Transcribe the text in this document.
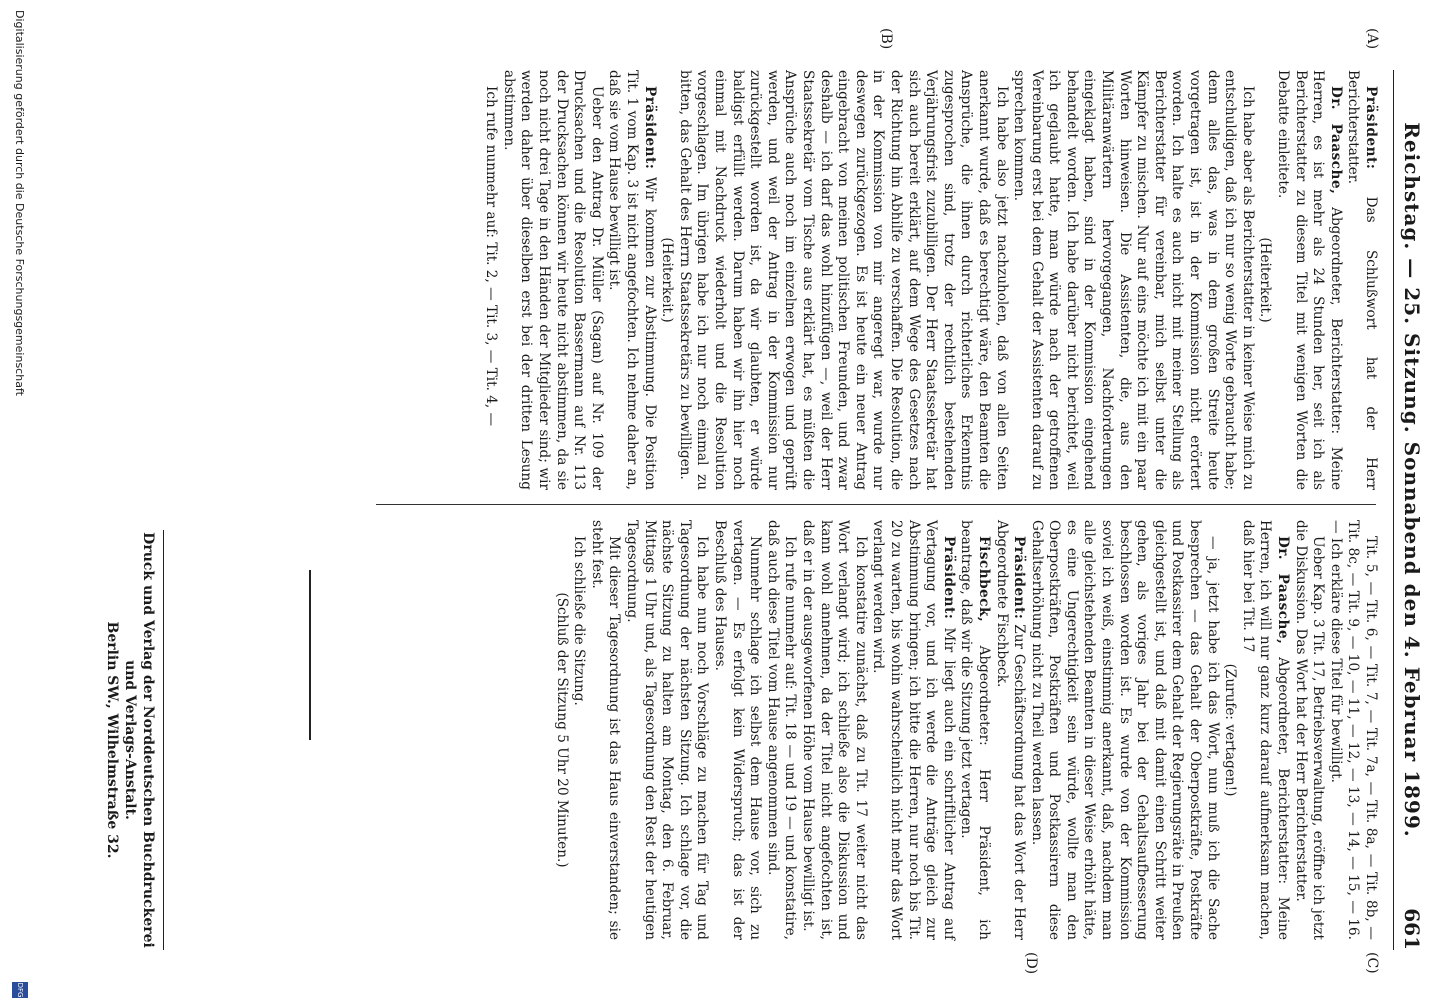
Reichstag. — 25. Sitzung. Sonnabend den 4. Februar 1899.
661
(A)
(B)
(C)
(D)

Präsident: Das Schlußwort hat der Herr Berichterstatter.

Dr. Paasche, Abgeordneter, Berichterstatter: Meine Herren, es ist mehr als 24 Stunden her, seit ich als Berichterstatter zu diesem Titel mit wenigen Worten die Debatte einleitete.

(Heiterkeit.)

Ich habe aber als Berichterstatter in keiner Weise mich zu entschuldigen, daß ich nur so wenig Worte gebraucht habe; denn alles das, was in dem großen Streite heute vorgetragen ist, ist in der Kommission nicht erörtert worden. Ich halte es auch nicht mit meiner Stellung als Berichterstatter für vereinbar, mich selbst unter die Kämpfer zu mischen. Nur auf eins möchte ich mit ein paar Worten hinweisen. Die Assistenten, die, aus den Militäranwärtern hervorgegangen, Nachforderungen eingeklagt haben, sind in der Kommission eingehend behandelt worden. Ich habe darüber nicht berichtet, weil ich geglaubt hatte, man würde nach der getroffenen Vereinbarung erst bei dem Gehalt der Assistenten darauf zu sprechen kommen.

Ich habe also jetzt nachzuholen, daß von allen Seiten anerkannt wurde, daß es berechtigt wäre, den Beamten die Ansprüche, die ihnen durch richterliches Erkenntnis zugesprochen sind, trotz der rechtlich bestehenden Verjährungsfrist zuzubilligen. Der Herr Staatssekretär hat sich auch bereit erklärt, auf dem Wege des Gesetzes nach der Richtung hin Abhilfe zu verschaffen. Die Resolution, die in der Kommission von mir angeregt war, wurde nur deswegen zurückgezogen. Es ist heute ein neuer Antrag eingebracht von meinen politischen Freunden, und zwar deshalb — ich darf das wohl hinzufügen —, weil der Herr Staatssekretär vom Tische aus erklärt hat, es müßten die Ansprüche auch noch im einzelnen erwogen und geprüft werden, und weil der Antrag in der Kommission nur zurückgestellt worden ist, da wir glaubten, er würde baldigst erfüllt werden. Darum haben wir ihn hier noch einmal mit Nachdruck wiederholt und die Resolution vorgeschlagen. Im übrigen habe ich nur noch einmal zu bitten, das Gehalt des Herrn Staatssekretärs zu bewilligen.

(Heiterkeit.)

Präsident: Wir kommen zur Abstimmung. Die Position Tit. 1 vom Kap. 3 ist nicht angefochten. Ich nehme daher an, daß sie vom Hause bewilligt ist.

Ueber den Antrag Dr. Müller (Sagan) auf Nr. 109 der Drucksachen und die Resolution Bassermann auf Nr. 113 der Drucksachen können wir heute nicht abstimmen, da sie noch nicht drei Tage in den Händen der Mitglieder sind; wir werden daher über dieselben erst bei der dritten Lesung abstimmen.

Ich rufe nunmehr auf: Tit. 2, — Tit. 3, — Tit. 4, —

Tit. 5, — Tit. 6, — Tit. 7, — Tit. 7a, — Tit. 8a, — Tit. 8b, — Tit. 8c, — Tit. 9, — 10, — 11, — 12, — 13, — 14, — 15, — 16. — Ich erkläre diese Titel für bewilligt.

Ueber Kap. 3 Tit. 17, Betriebsverwaltung, eröffne ich jetzt die Diskussion. Das Wort hat der Herr Berichterstatter.

Dr. Paasche, Abgeordneter, Berichterstatter: Meine Herren, ich will nur ganz kurz darauf aufmerksam machen, daß hier bei Tit. 17

(Zurufe: vertagen!)

— ja, jetzt habe ich das Wort, nun muß ich die Sache besprechen — das Gehalt der Oberpostkräfte, Postkräfte und Postkassirer dem Gehalt der Regierungsräte in Preußen gleichgestellt ist, und daß mit damit einen Schritt weiter gehen, als voriges Jahr bei der Gehaltsaufbesserung beschlossen worden ist. Es wurde von der Kommission soviel ich weiß, einstimmig anerkannt, daß, nachdem man alle gleichstehenden Beamten in dieser Weise erhöht hätte, es eine Ungerechtigkeit sein würde, wollte man den Oberpostkräften, Postkräften und Postkassirern diese Gehaltserhöhung nicht zu Theil werden lassen.

Präsident: Zur Geschäftsordnung hat das Wort der Herr Abgeordnete Fischbeck.

Fischbeck, Abgeordneter: Herr Präsident, ich beantrage, daß wir die Sitzung jetzt vertagen.

Präsident: Mir liegt auch ein schriftlicher Antrag auf Vertagung vor, und ich werde die Anträge gleich zur Abstimmung bringen; ich bitte die Herren, nur noch bis Tit. 20 zu warten, bis wohin wahrscheinlich nicht mehr das Wort verlangt werden wird.

Ich konstatire zunächst, daß zu Tit. 17 weiter nicht das Wort verlangt wird; ich schließe also die Diskussion und kann wohl annehmen, da der Titel nicht angefochten ist, daß er in der ausgeworfenen Höhe vom Hause bewilligt ist.

Ich rufe nunmehr auf: Tit. 18 — und 19 — und konstatire, daß auch diese Titel vom Hause angenommen sind.

Nunmehr schlage ich selbst dem Hause vor, sich zu vertagen. — Es erfolgt kein Widerspruch; das ist der Beschluß des Hauses.

Ich habe nun noch Vorschläge zu machen für Tag und Tagesordnung der nächsten Sitzung. Ich schlage vor, die nächste Sitzung zu halten am Montag, den 6. Februar, Mittags 1 Uhr und, als Tagesordnung den Rest der heutigen Tagesordnung.

Mit dieser Tagesordnung ist das Haus einverstanden; sie steht fest.

Ich schließe die Sitzung.

(Schluß der Sitzung 5 Uhr 20 Minuten.)

Druck und Verlag der Norddeutschen Buchdruckerei und Verlags-Anstalt.
Berlin SW., Wilhelmstraße 32.
Digitalisierung gefördert durch die Deutsche Forschungsgemeinschaft
DFG
